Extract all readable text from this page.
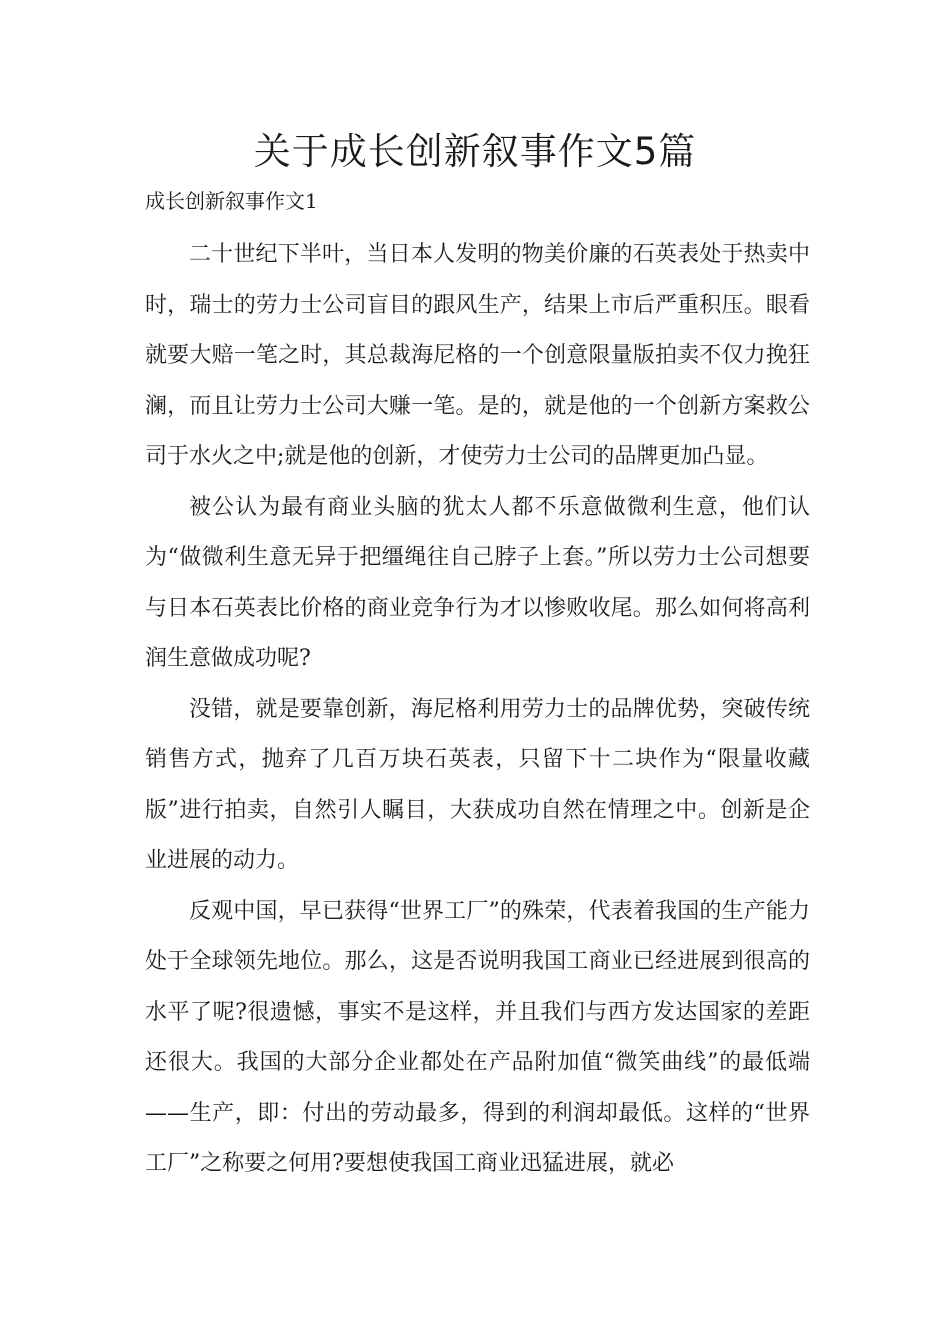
关于成长创新叙事作文5篇

成长创新叙事作文1

二十世纪下半叶，当日本人发明的物美价廉的石英表处于热卖中时，瑞士的劳力士公司盲目的跟风生产，结果上市后严重积压。眼看就要大赔一笔之时，其总裁海尼格的一个创意限量版拍卖不仅力挽狂澜，而且让劳力士公司大赚一笔。是的，就是他的一个创新方案救公司于水火之中;就是他的创新，才使劳力士公司的品牌更加凸显。

被公认为最有商业头脑的犹太人都不乐意做微利生意，他们认为“做微利生意无异于把缰绳往自己脖子上套。”所以劳力士公司想要与日本石英表比价格的商业竞争行为才以惨败收尾。那么如何将高利润生意做成功呢?

没错，就是要靠创新，海尼格利用劳力士的品牌优势，突破传统销售方式，抛弃了几百万块石英表，只留下十二块作为“限量收藏版”进行拍卖，自然引人瞩目，大获成功自然在情理之中。创新是企业进展的动力。

反观中国，早已获得“世界工厂”的殊荣，代表着我国的生产能力处于全球领先地位。那么，这是否说明我国工商业已经进展到很高的水平了呢?很遗憾，事实不是这样，并且我们与西方发达国家的差距还很大。我国的大部分企业都处在产品附加值“微笑曲线”的最低端——生产，即：付出的劳动最多，得到的利润却最低。这样的“世界工厂”之称要之何用?要想使我国工商业迅猛进展，就必
